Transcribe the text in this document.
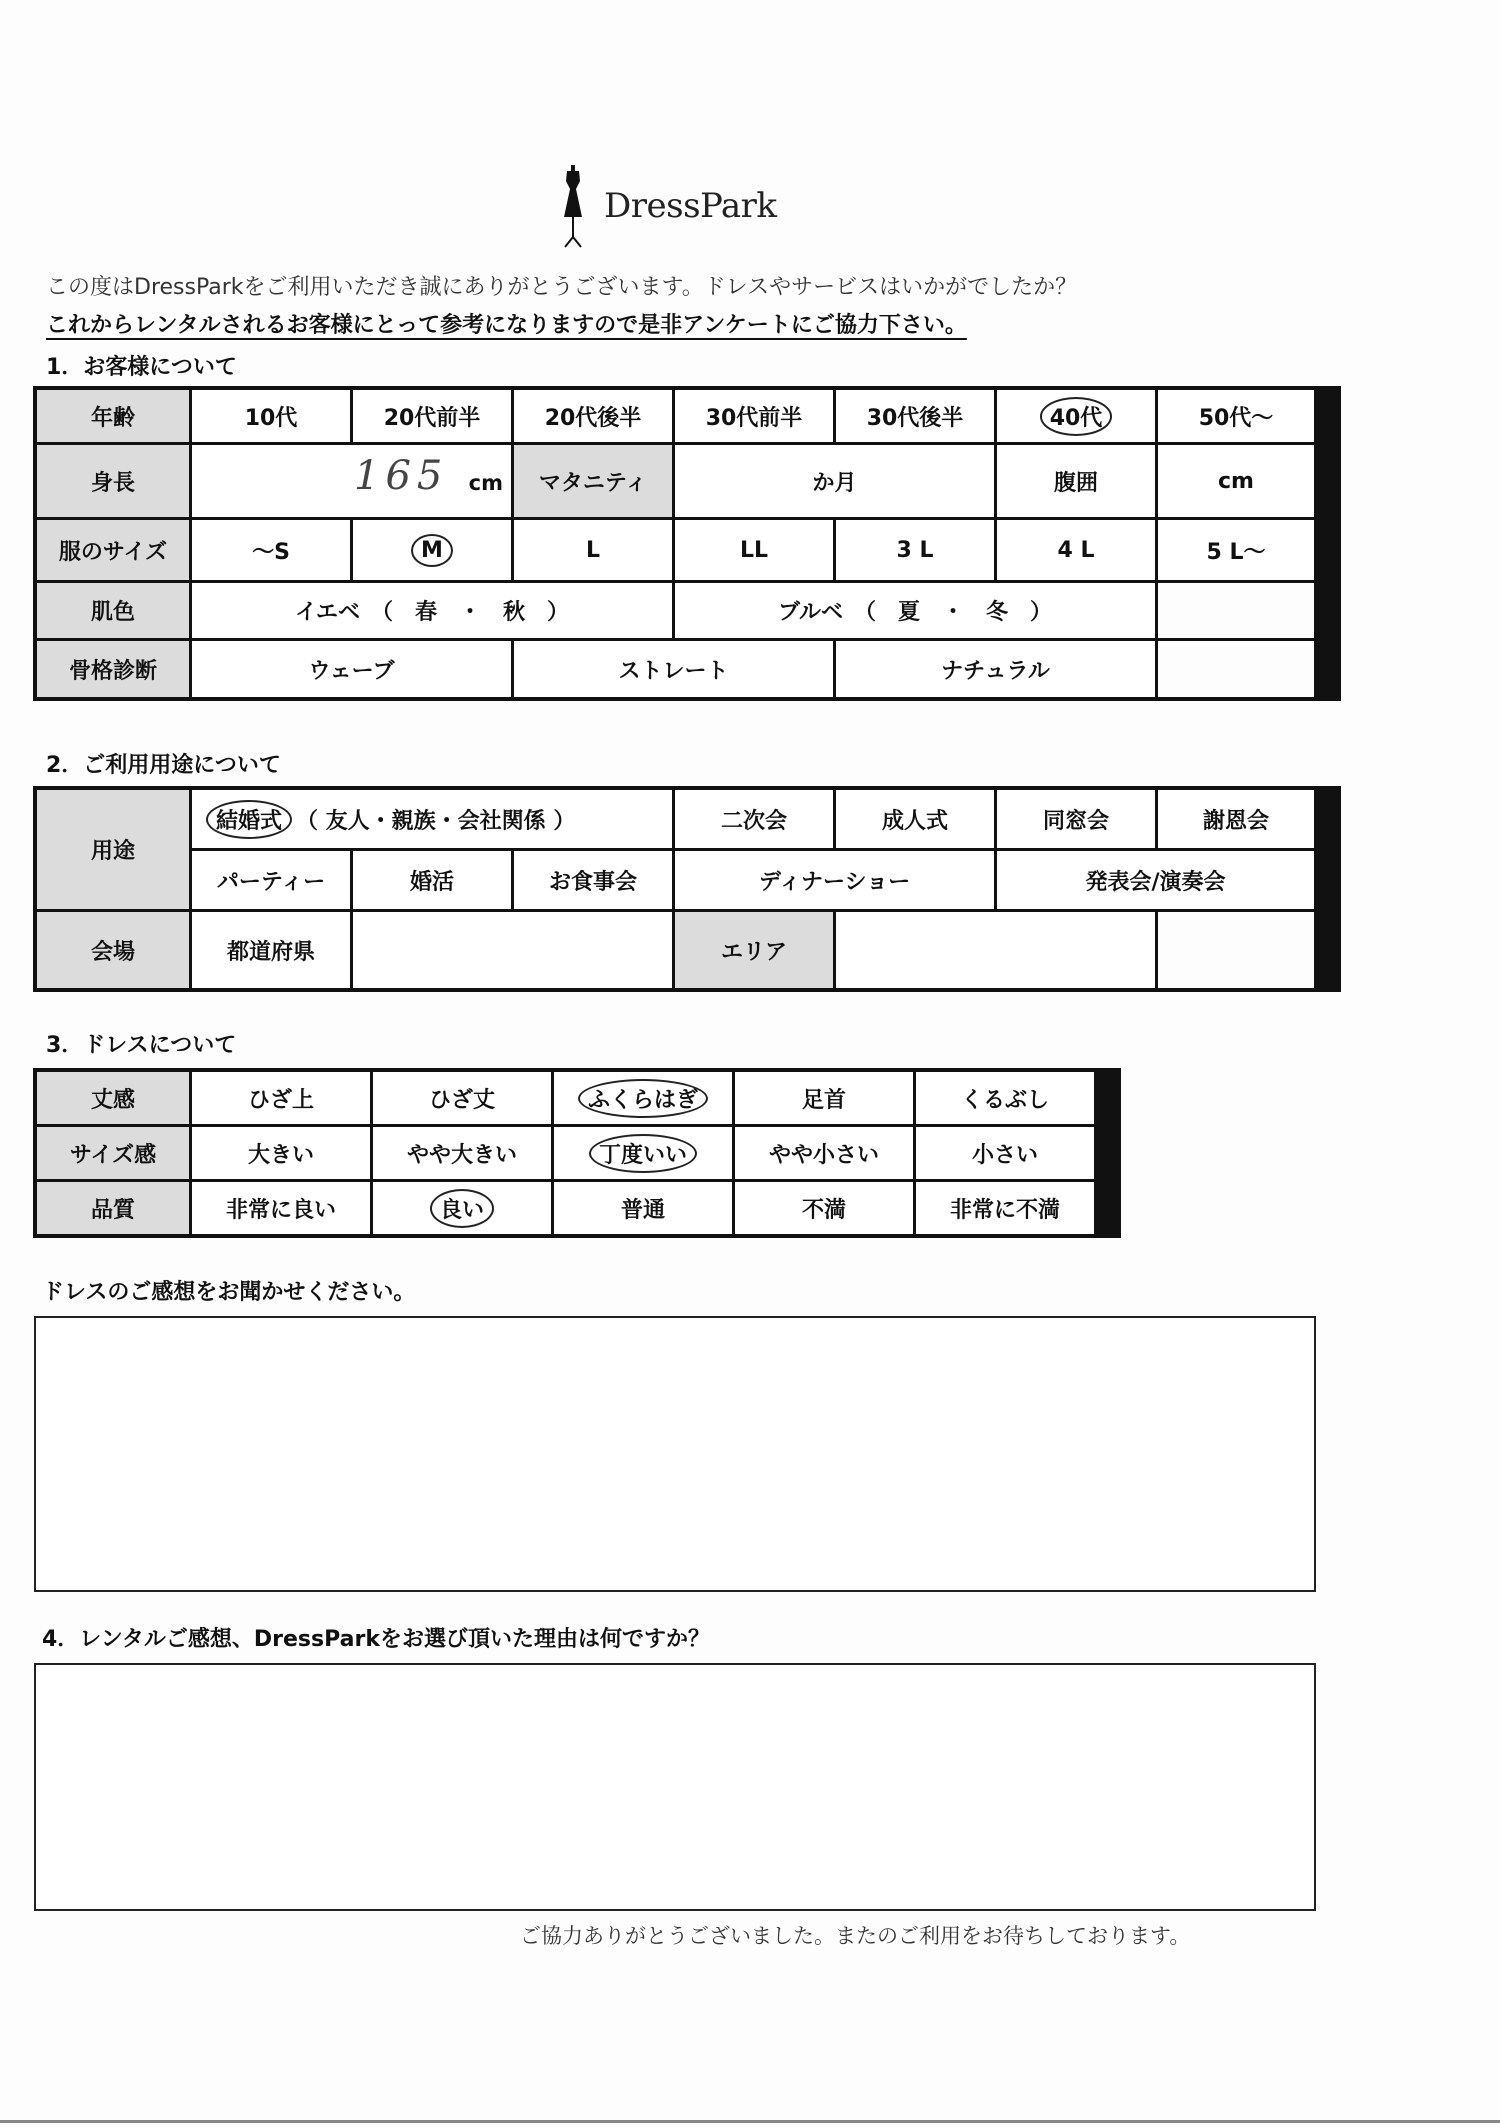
DressPark
この度はDressParkをご利用いただき誠にありがとうございます。ドレスやサービスはいかがでしたか？
これからレンタルされるお客様にとって参考になりますので是非アンケートにご協力下さい。
1．お客様について
年齢	10代	20代前半	20代後半	30代前半	30代後半	40代	50代〜
身長	165 cm	マタニティ	か月	腹囲	cm
服のサイズ	〜S	M	L	LL	3 L	4 L	5 L〜
肌色	イエベ　（　春　・　秋　）	ブルベ　（　夏　・　冬　）
骨格診断	ウェーブ	ストレート	ナチュラル
2．ご利用用途について
用途
結婚式 （ 友人・親族・会社関係 ）	二次会	成人式	同窓会	謝恩会
パーティー	婚活	お食事会	ディナーショー	発表会/演奏会
会場	都道府県	エリア
3．ドレスについて
丈感	ひざ上	ひざ丈	ふくらはぎ	足首	くるぶし
サイズ感	大きい	やや大きい	丁度いい	やや小さい	小さい
品質	非常に良い	良い	普通	不満	非常に不満
ドレスのご感想をお聞かせください。
4．レンタルご感想、DressParkをお選び頂いた理由は何ですか？
ご協力ありがとうございました。またのご利用をお待ちしております。
